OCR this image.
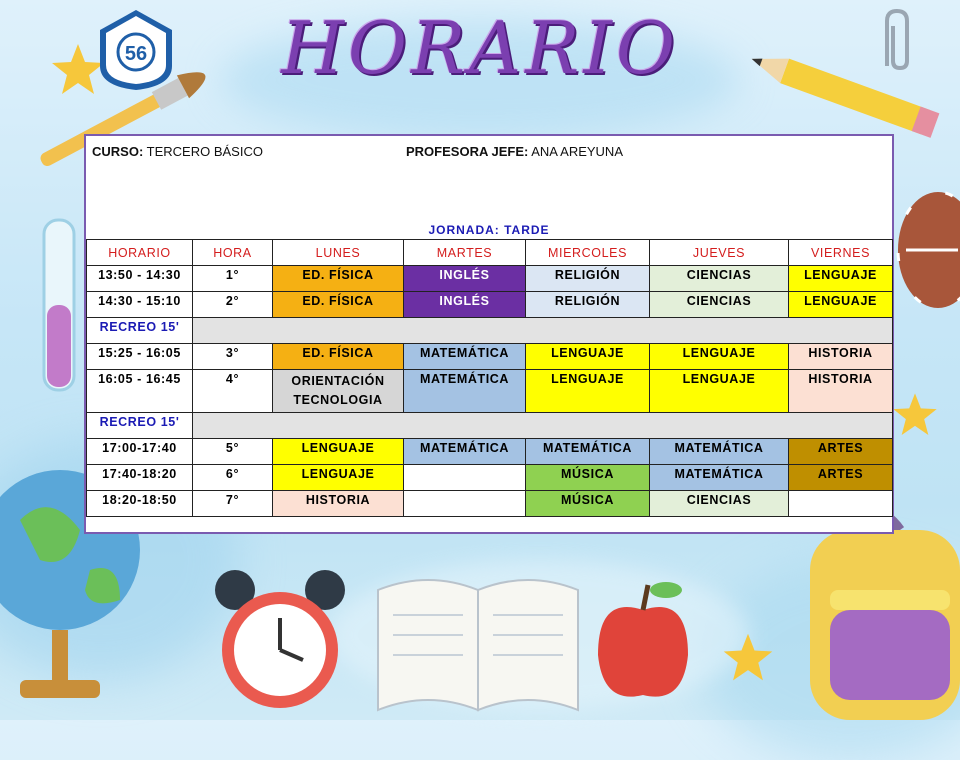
56	HORARIO
CURSO: TERCERO BÁSICO	PROFESORA JEFE: ANA AREYUNA
JORNADA: TARDE
HORARIO	HORA	LUNES	MARTES	MIERCOLES	JUEVES	VIERNES
13:50 - 14:30	1°	ED. FÍSICA	INGLÉS	RELIGIÓN	CIENCIAS	LENGUAJE
14:30 - 15:10	2°	ED. FÍSICA	INGLÉS	RELIGIÓN	CIENCIAS	LENGUAJE
RECREO 15'						
15:25 - 16:05	3°	ED. FÍSICA	MATEMÁTICA	LENGUAJE	LENGUAJE	HISTORIA
16:05 - 16:45	4°	ORIENTACIÓN TECNOLOGIA	MATEMÁTICA	LENGUAJE	LENGUAJE	HISTORIA
RECREO 15'						
17:00-17:40	5°	LENGUAJE	MATEMÁTICA	MATEMÁTICA	MATEMÁTICA	ARTES
17:40-18:20	6°	LENGUAJE		MÚSICA	MATEMÁTICA	ARTES
18:20-18:50	7°	HISTORIA		MÚSICA	CIENCIAS	
